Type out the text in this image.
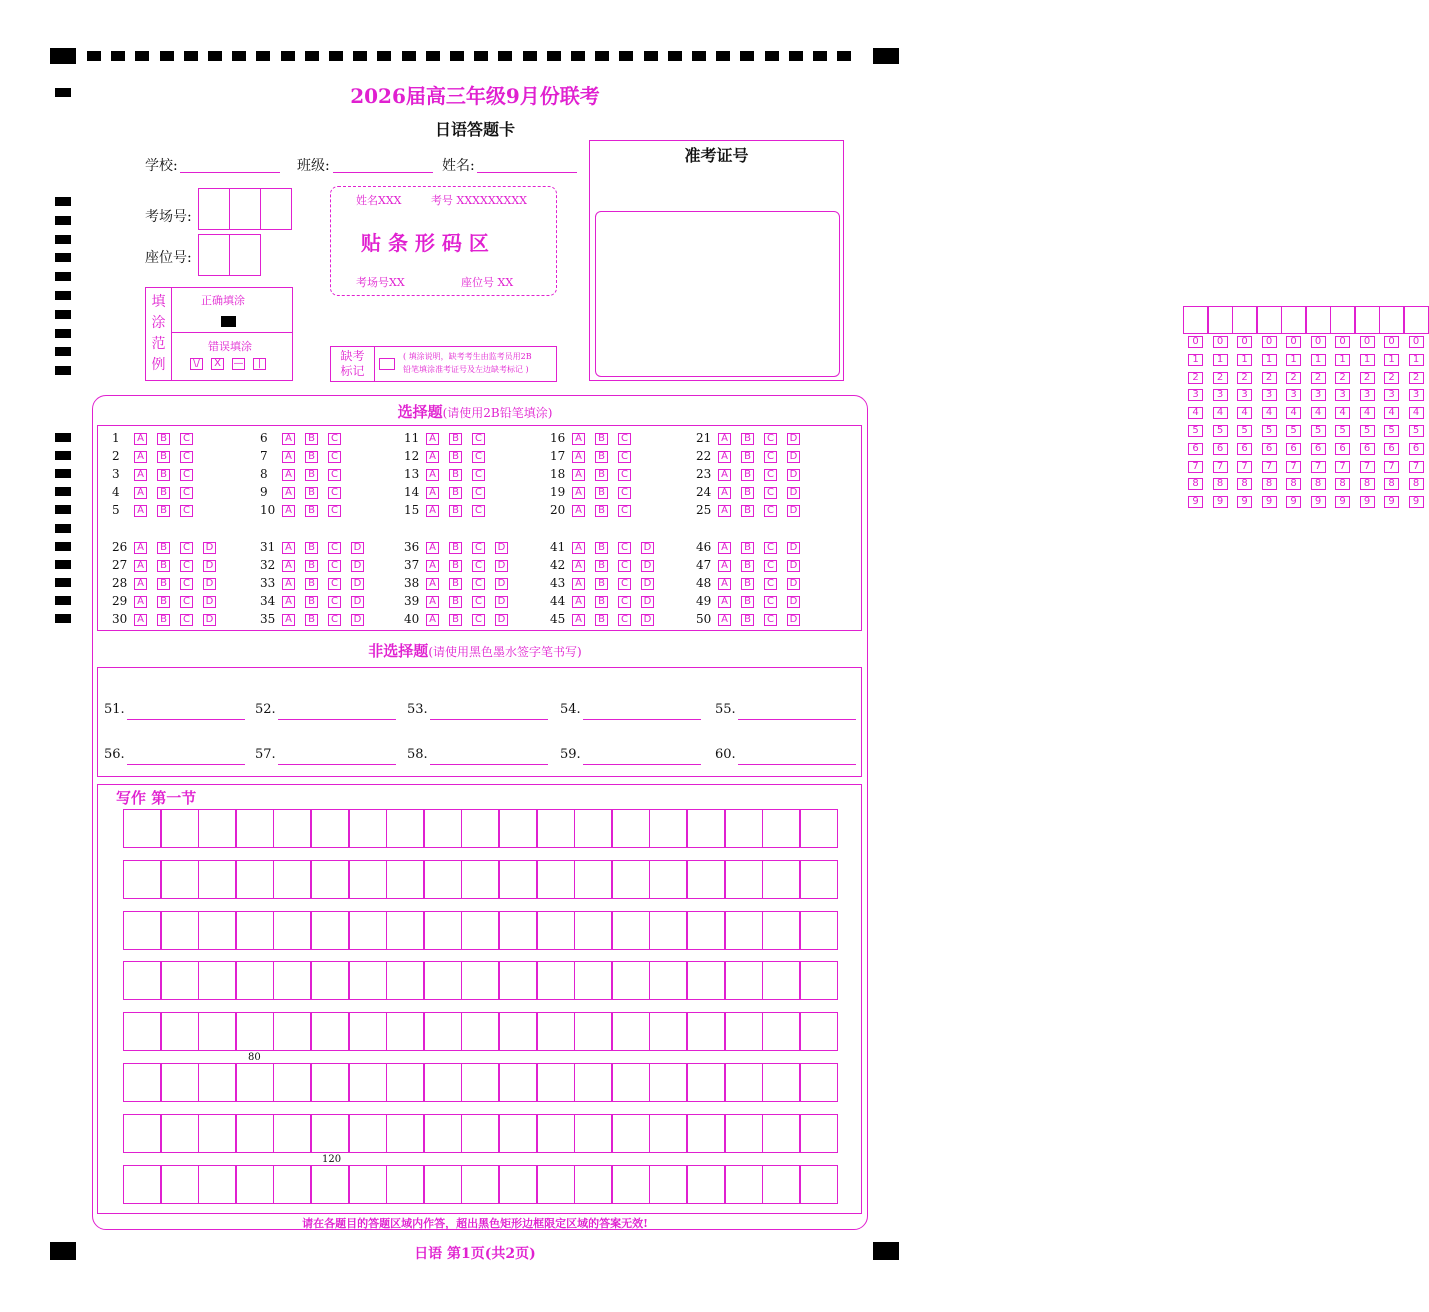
2026届高三年级9月份联考
日语答题卡
学校:	班级:	姓名:
考场号:
座位号:
姓名XXX	考号 XXXXXXXXX
贴 条 形 码 区
考场号XX	座位号 XX
填
涂
范
例
正确填涂
错误填涂
\/ X — |
缺考
标记
( 填涂说明，缺考考生由监考员用2B
铅笔填涂准考证号及左边缺考标记 )
准考证号
0	0	0	0	0	0	0	0	0	0
1	1	1	1	1	1	1	1	1	1
2	2	2	2	2	2	2	2	2	2
3	3	3	3	3	3	3	3	3	3
4	4	4	4	4	4	4	4	4	4
5	5	5	5	5	5	5	5	5	5
6	6	6	6	6	6	6	6	6	6
7	7	7	7	7	7	7	7	7	7
8	8	8	8	8	8	8	8	8	8
9	9	9	9	9	9	9	9	9	9
选择题(请使用2B铅笔填涂)
1 A B C
2 A B C
3 A B C
4 A B C
5 A B C
6 A B C
7 A B C
8 A B C
9 A B C
10 A B C
11 A B C
12 A B C
13 A B C
14 A B C
15 A B C
16 A B C
17 A B C
18 A B C
19 A B C
20 A B C
21 A B C D
22 A B C D
23 A B C D
24 A B C D
25 A B C D
26 A B C D
27 A B C D
28 A B C D
29 A B C D
30 A B C D
31 A B C D
32 A B C D
33 A B C D
34 A B C D
35 A B C D
36 A B C D
37 A B C D
38 A B C D
39 A B C D
40 A B C D
41 A B C D
42 A B C D
43 A B C D
44 A B C D
45 A B C D
46 A B C D
47 A B C D
48 A B C D
49 A B C D
50 A B C D
非选择题(请使用黑色墨水签字笔书写)
51.	52.	53.	54.	55.
56.	57.	58.	59.	60.
写作 第一节
80
120
请在各题目的答题区域内作答，超出黑色矩形边框限定区域的答案无效!
日语 第1页(共2页)
